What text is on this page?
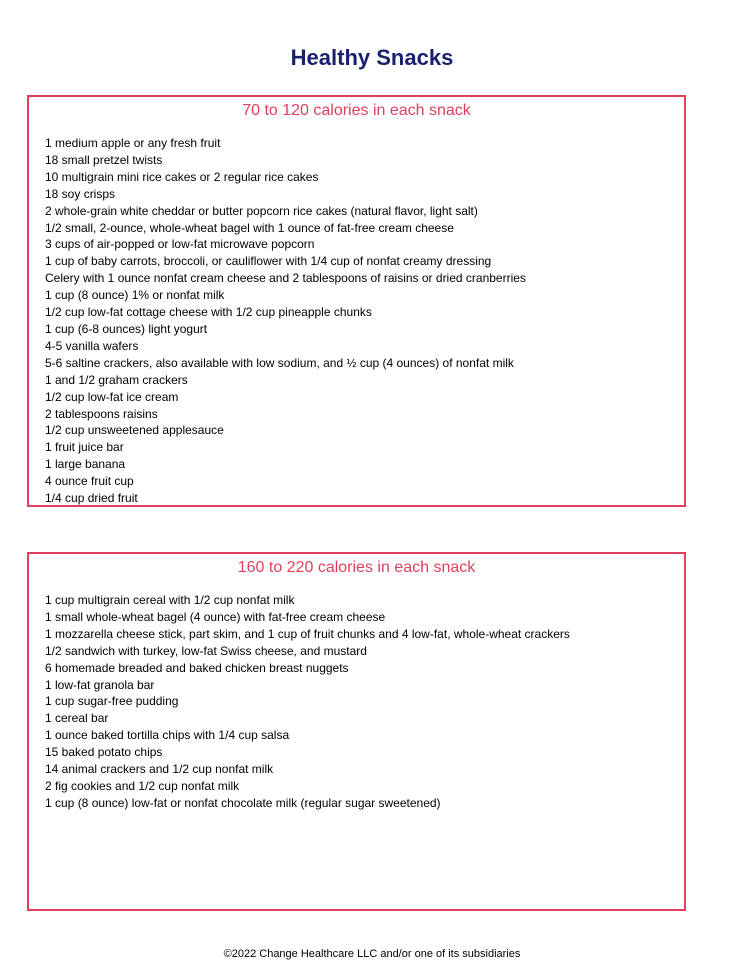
Healthy Snacks
70 to 120 calories in each snack
1 medium apple or any fresh fruit
18 small pretzel twists
10 multigrain mini rice cakes or 2 regular rice cakes
18 soy crisps
2 whole-grain white cheddar or butter popcorn rice cakes (natural flavor, light salt)
1/2 small, 2-ounce, whole-wheat bagel with 1 ounce of fat-free cream cheese
3 cups of air-popped or low-fat microwave popcorn
1 cup of baby carrots, broccoli, or cauliflower with 1/4 cup of nonfat creamy dressing
Celery with 1 ounce nonfat cream cheese and 2 tablespoons of raisins or dried cranberries
1 cup (8 ounce) 1% or nonfat milk
1/2 cup low-fat cottage cheese with 1/2 cup pineapple chunks
1 cup (6-8 ounces) light yogurt
4-5 vanilla wafers
5-6 saltine crackers, also available with low sodium, and ½ cup (4 ounces) of nonfat milk
1 and 1/2 graham crackers
1/2 cup low-fat ice cream
2 tablespoons raisins
1/2 cup unsweetened applesauce
1 fruit juice bar
1 large banana
4 ounce fruit cup
1/4 cup dried fruit
160 to 220 calories in each snack
1 cup multigrain cereal with 1/2 cup nonfat milk
1 small whole-wheat bagel (4 ounce) with fat-free cream cheese
1 mozzarella cheese stick, part skim, and 1 cup of fruit chunks and 4 low-fat, whole-wheat crackers
1/2 sandwich with turkey, low-fat Swiss cheese, and mustard
6 homemade breaded and baked chicken breast nuggets
1 low-fat granola bar
1 cup sugar-free pudding
1 cereal bar
1 ounce baked tortilla chips with 1/4 cup salsa
15 baked potato chips
14 animal crackers and 1/2 cup nonfat milk
2 fig cookies and 1/2 cup nonfat milk
1 cup (8 ounce) low-fat or nonfat chocolate milk (regular sugar sweetened)
©2022 Change Healthcare LLC and/or one of its subsidiaries
